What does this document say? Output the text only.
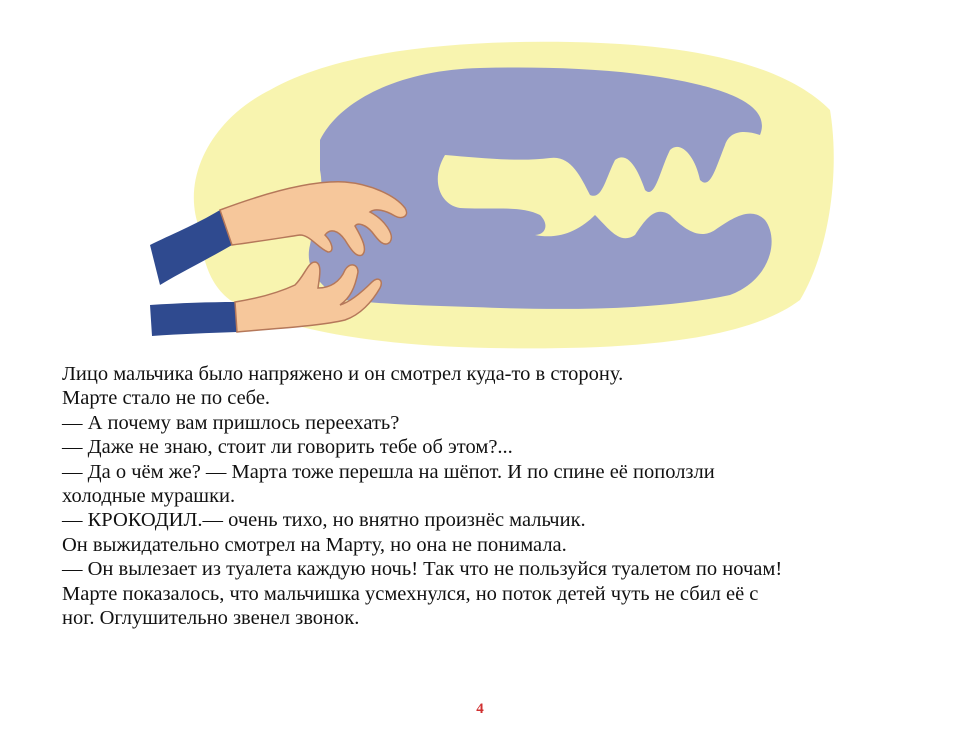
Лицо мальчика было напряжено и он смотрел куда-то в сторону.

Марте стало не по себе.

— А почему вам пришлось переехать?

— Даже не знаю, стоит ли говорить тебе об этом?...

— Да о чём же? — Марта тоже перешла на шёпот. И по спине её поползли

холодные мурашки.

— КРОКОДИЛ.— очень тихо, но внятно произнёс мальчик.

Он выжидательно смотрел на Марту, но она не понимала.

— Он вылезает из туалета каждую ночь! Так что не пользуйся туалетом по ночам!

Марте показалось, что мальчишка усмехнулся, но поток детей чуть не сбил её с

ног. Оглушительно звенел звонок.

4
